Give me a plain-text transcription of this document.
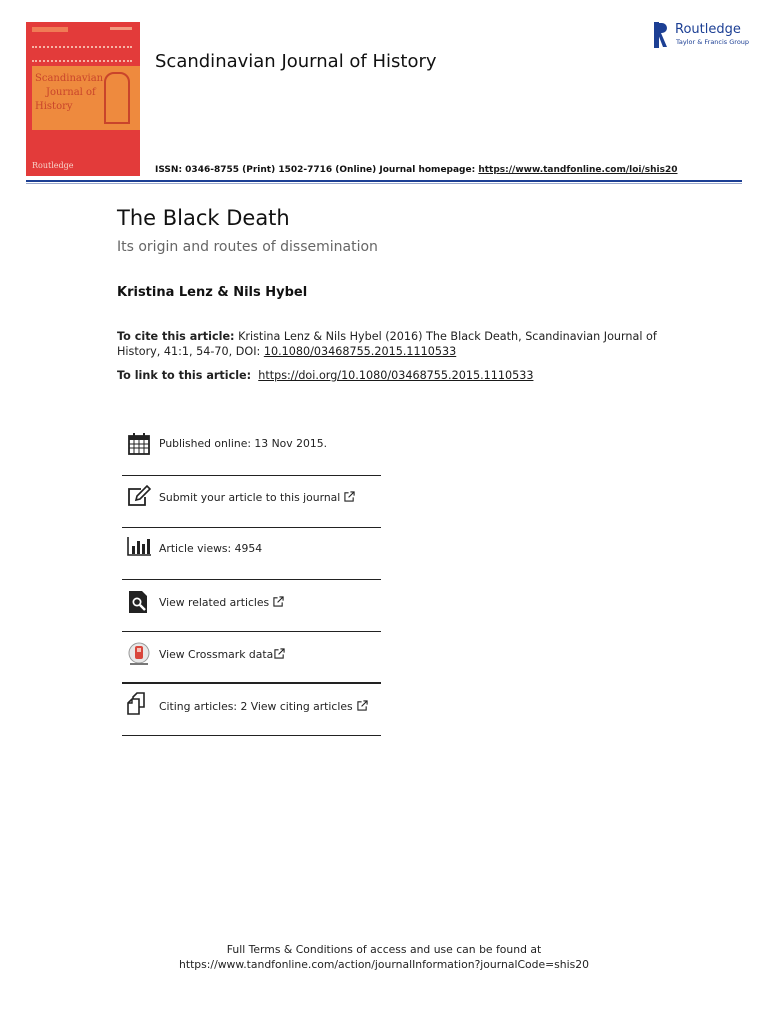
Scandinavian
Journal of
History
Routledge
Scandinavian Journal of History
ISSN: 0346-8755 (Print) 1502-7716 (Online) Journal homepage: https://www.tandfonline.com/loi/shis20
Routledge
Taylor & Francis Group
The Black Death
Its origin and routes of dissemination
Kristina Lenz & Nils Hybel
To cite this article: Kristina Lenz & Nils Hybel (2016) The Black Death, Scandinavian Journal of History, 41:1, 54-70, DOI: 10.1080/03468755.2015.1110533
To link to this article: https://doi.org/10.1080/03468755.2015.1110533
Published online: 13 Nov 2015.
Submit your article to this journal
Article views: 4954
View related articles
View Crossmark data
Citing articles: 2 View citing articles
Full Terms & Conditions of access and use can be found at
https://www.tandfonline.com/action/journalInformation?journalCode=shis20
